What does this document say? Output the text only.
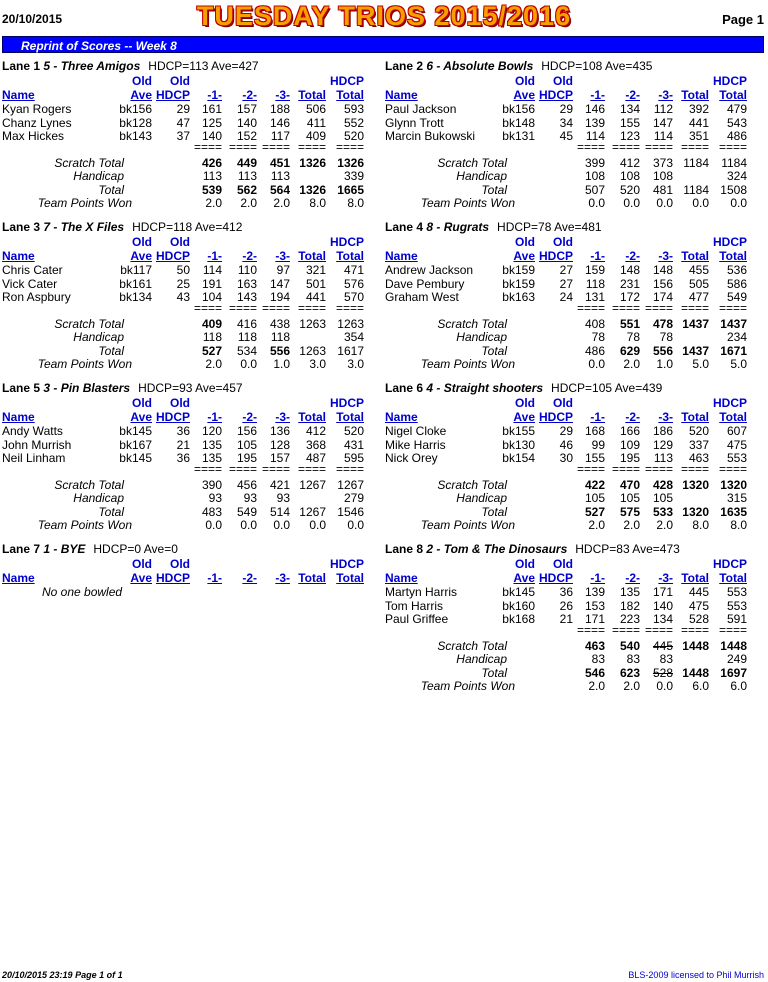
20/10/2015	TUESDAY TRIOS 2015/2016	Page 1
Reprint of Scores -- Week 8
Lane 1 5 - Three Amigos HDCP=113 Ave=427
Old Old	HDCP
Name	Ave HDCP -1- -2- -3- Total Total
Kyan Rogers	bk156 29 161 157 188 506 593
Chanz Lynes	bk128 47 125 140 146 411 552
Max Hickes	bk143 37 140 152 117 409 520
==== ==== ==== ==== ====
Scratch Total	426 449 451 1326 1326
Handicap	113 113 113	339
Total	539 562 564 1326 1665
Team Points Won	2.0 2.0 2.0 8.0 8.0
Lane 2 6 - Absolute Bowls HDCP=108 Ave=435
Old Old	HDCP
Name	Ave HDCP -1- -2- -3- Total Total
Paul Jackson	bk156 29 146 134 112 392 479
Glynn Trott	bk148 34 139 155 147 441 543
Marcin Bukowski bk131 45 114 123 114 351 486
==== ==== ==== ==== ====
Scratch Total	399 412 373 1184 1184
Handicap	108 108 108	324
Total	507 520 481 1184 1508
Team Points Won	0.0 0.0 0.0 0.0 0.0
Lane 3 7 - The X Files HDCP=118 Ave=412
Old Old	HDCP
Name	Ave HDCP -1- -2- -3- Total Total
Chris Cater	bk117 50 114 110 97 321 471
Vick Cater	bk161 25 191 163 147 501 576
Ron Aspbury	bk134 43 104 143 194 441 570
==== ==== ==== ==== ====
Scratch Total	409 416 438 1263 1263
Handicap	118 118 118	354
Total	527 534 556 1263 1617
Team Points Won	2.0 0.0 1.0 3.0 3.0
Lane 4 8 - Rugrats HDCP=78 Ave=481
Old Old	HDCP
Name	Ave HDCP -1- -2- -3- Total Total
Andrew Jackson bk159 27 159 148 148 455 536
Dave Pembury	bk159 27 118 231 156 505 586
Graham West	bk163 24 131 172 174 477 549
==== ==== ==== ==== ====
Scratch Total	408 551 478 1437 1437
Handicap	78 78 78	234
Total	486 629 556 1437 1671
Team Points Won	0.0 2.0 1.0 5.0 5.0
Lane 5 3 - Pin Blasters HDCP=93 Ave=457
Old Old	HDCP
Name	Ave HDCP -1- -2- -3- Total Total
Andy Watts	bk145 36 120 156 136 412 520
John Murrish	bk167 21 135 105 128 368 431
Neil Linham	bk145 36 135 195 157 487 595
==== ==== ==== ==== ====
Scratch Total	390 456 421 1267 1267
Handicap	93 93 93	279
Total	483 549 514 1267 1546
Team Points Won	0.0 0.0 0.0 0.0 0.0
Lane 6 4 - Straight shooters HDCP=105 Ave=439
Old Old	HDCP
Name	Ave HDCP -1- -2- -3- Total Total
Nigel Cloke	bk155 29 168 166 186 520 607
Mike Harris	bk130 46 99 109 129 337 475
Nick Orey	bk154 30 155 195 113 463 553
==== ==== ==== ==== ====
Scratch Total	422 470 428 1320 1320
Handicap	105 105 105	315
Total	527 575 533 1320 1635
Team Points Won	2.0 2.0 2.0 8.0 8.0
Lane 7 1 - BYE HDCP=0 Ave=0
Old Old	HDCP
Name	Ave HDCP -1- -2- -3- Total Total
No one bowled
Lane 8 2 - Tom & The Dinosaurs HDCP=83 Ave=473
Old Old	HDCP
Name	Ave HDCP -1- -2- -3- Total Total
Martyn Harris	bk145 36 139 135 171 445 553
Tom Harris	bk160 26 153 182 140 475 553
Paul Griffee	bk168 21 171 223 134 528 591
==== ==== ==== ==== ====
Scratch Total	463 540 445 1448 1448
Handicap	83 83 83	249
Total	546 623 528 1448 1697
Team Points Won	2.0 2.0 0.0 6.0 6.0
20/10/2015 23:19 Page 1 of 1	BLS-2009 licensed to Phil Murrish
